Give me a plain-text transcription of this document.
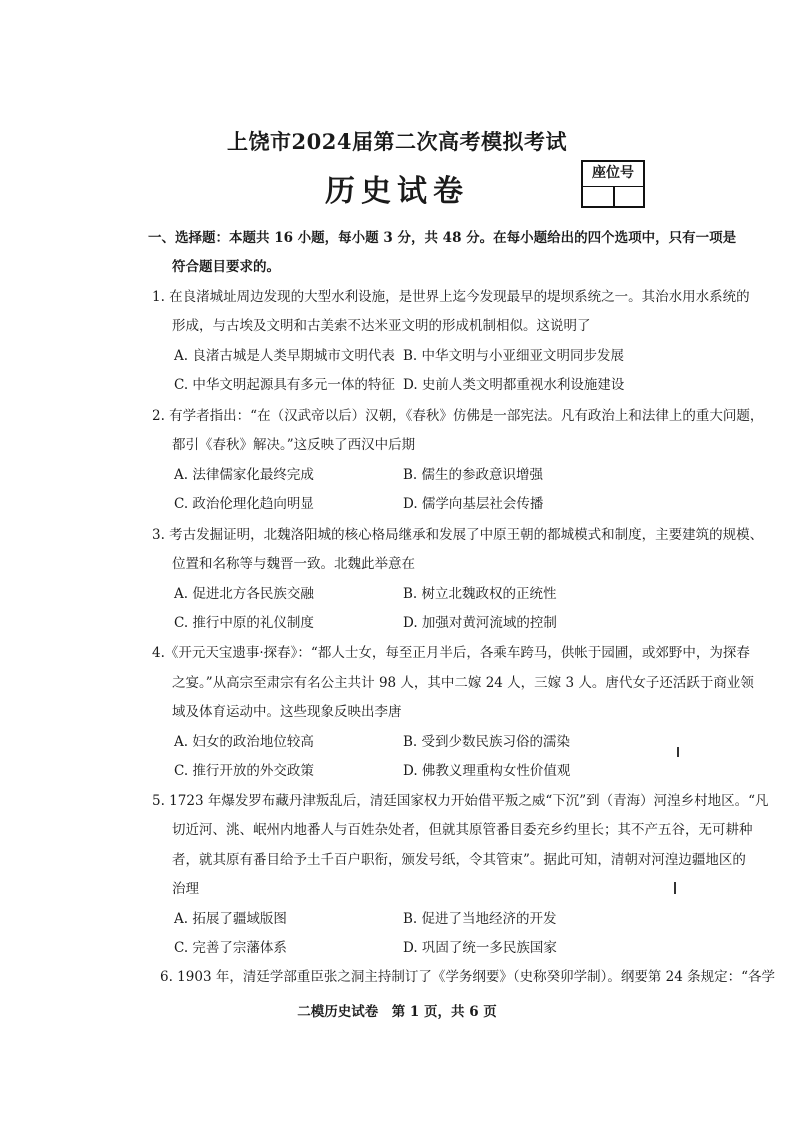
上饶市2024届第二次高考模拟考试
历史试卷
座位号
一、选择题：本题共 16 小题，每小题 3 分，共 48 分。在每小题给出的四个选项中，只有一项是
符合题目要求的。
1. 在良渚城址周边发现的大型水利设施，是世界上迄今发现最早的堤坝系统之一。其治水用水系统的
形成，与古埃及文明和古美索不达米亚文明的形成机制相似。这说明了
A. 良渚古城是人类早期城市文明代表 B. 中华文明与小亚细亚文明同步发展
C. 中华文明起源具有多元一体的特征 D. 史前人类文明都重视水利设施建设
2. 有学者指出：“在（汉武帝以后）汉朝，《春秋》仿佛是一部宪法。凡有政治上和法律上的重大问题，
都引《春秋》解决。”这反映了西汉中后期
A. 法律儒家化最终完成	B. 儒生的参政意识增强
C. 政治伦理化趋向明显	D. 儒学向基层社会传播
3. 考古发掘证明，北魏洛阳城的核心格局继承和发展了中原王朝的都城模式和制度，主要建筑的规模、
位置和名称等与魏晋一致。北魏此举意在
A. 促进北方各民族交融	B. 树立北魏政权的正统性
C. 推行中原的礼仪制度	D. 加强对黄河流域的控制
4.《开元天宝遗事·探春》：“都人士女，每至正月半后，各乘车跨马，供帐于园圃，或郊野中，为探春
之宴。”从高宗至肃宗有名公主共计 98 人，其中二嫁 24 人，三嫁 3 人。唐代女子还活跃于商业领
域及体育运动中。这些现象反映出李唐
A. 妇女的政治地位较高	B. 受到少数民族习俗的濡染
C. 推行开放的外交政策	D. 佛教义理重构女性价值观
5. 1723 年爆发罗布藏丹津叛乱后，清廷国家权力开始借平叛之威“下沉”到（青海）河湟乡村地区。“凡
切近河、洮、岷州内地番人与百姓杂处者，但就其原管番目委充乡约里长；其不产五谷，无可耕种
者，就其原有番目给予土千百户职衔，颁发号纸，令其管束”。据此可知，清朝对河湟边疆地区的
治理
A. 拓展了疆域版图	B. 促进了当地经济的开发
C. 完善了宗藩体系	D. 巩固了统一多民族国家
6. 1903 年，清廷学部重臣张之洞主持制订了《学务纲要》（史称癸卯学制）。纲要第 24 条规定：“各学
二模历史试卷　第 1 页，共 6 页
